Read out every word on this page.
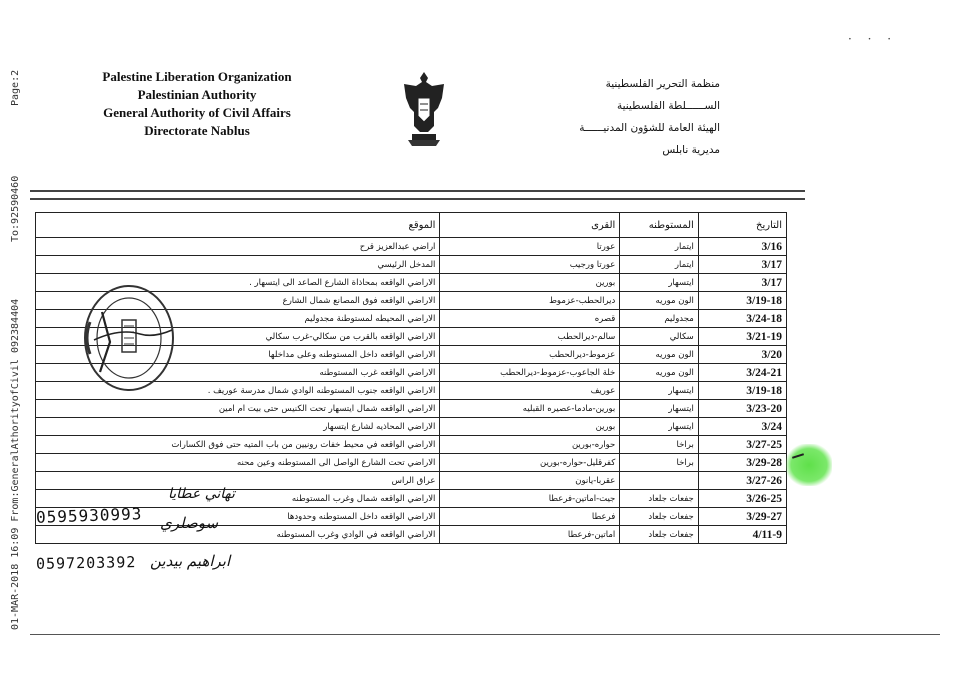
Page:2
To:92590460
01-MAR-2018 16:09 From:GeneralAthorityofCivil 092384404
· · ·
Palestine Liberation Organization
Palestinian Authority
General Authority of Civil Affairs
Directorate Nablus
منظمة التحرير الفلسطينية
الســــــلطة الفلسطينية
الهيئة العامة للشؤون المدنيــــــة
مديرية نابلس
الموقع	القرى	المستوطنه	التاريخ
اراضي عبدالعزيز قرح	عورتا	ايتمار	3/16
المدخل الرئيسي	عورتا ورجيب	ايتمار	3/17
الاراضي الواقعه بمحاذاة الشارع الصاعد الى ايتسهار .	بورين	ايتسهار	3/17
الاراضي الواقعه فوق المصانع شمال الشارع	ديرالحطب-عزموط	الون موريه	3/19-18
الاراضي المحيطه لمستوطنة مجدوليم	قصره	مجدوليم	3/24-18
الاراضي الواقعه بالقرب من سكالي-غرب سكالي	سالم-ديرالحطب	سكالي	3/21-19
الاراضي الواقعه داخل المستوطنه وعلى مداخلها	عزموط-ديرالحطب	الون موريه	3/20
الاراضي الواقعه غرب المستوطنه	خلة الجاعوب-عزموط-ديرالحطب	الون موريه	3/24-21
الاراضي الواقعه جنوب المستوطنه الوادي شمال مدرسة عوريف .	عوريف	ايتسهار	3/19-18
الاراضي الواقعه شمال ايتسهار تحت الكنيس حتى بيت ام امين	بورين-مادما-عصيره القبليه	ايتسهار	3/23-20
الاراضي المحاذيه لشارع ايتسهار	بورين	ايتسهار	3/24
الاراضي الواقعه في محيط خفات رونيين من باب المتيه حتى فوق الكسارات	حواره-بورين	براخا	3/27-25
الاراضي تحت الشارع الواصل الى المستوطنه وعين محنه	كفرقليل-حواره-بورين	براخا	3/29-28
عراق الراس	عقربا-يانون		3/27-26
الاراضي الواقعه شمال وغرب المستوطنه	جيت-اماتين-فرعطا	جفعات جلعاد	3/26-25
الاراضي الواقعه داخل المستوطنه وحدودها	فرعطا	جفعات جلعاد	3/29-27
الاراضي الواقعه في الوادي وغرب المستوطنه	اماتين-فرعطا	جفعات جلعاد	4/11-9
تهاني عطايا
0595930993 سوصلري
0597203392 ابراهيم بيدين
